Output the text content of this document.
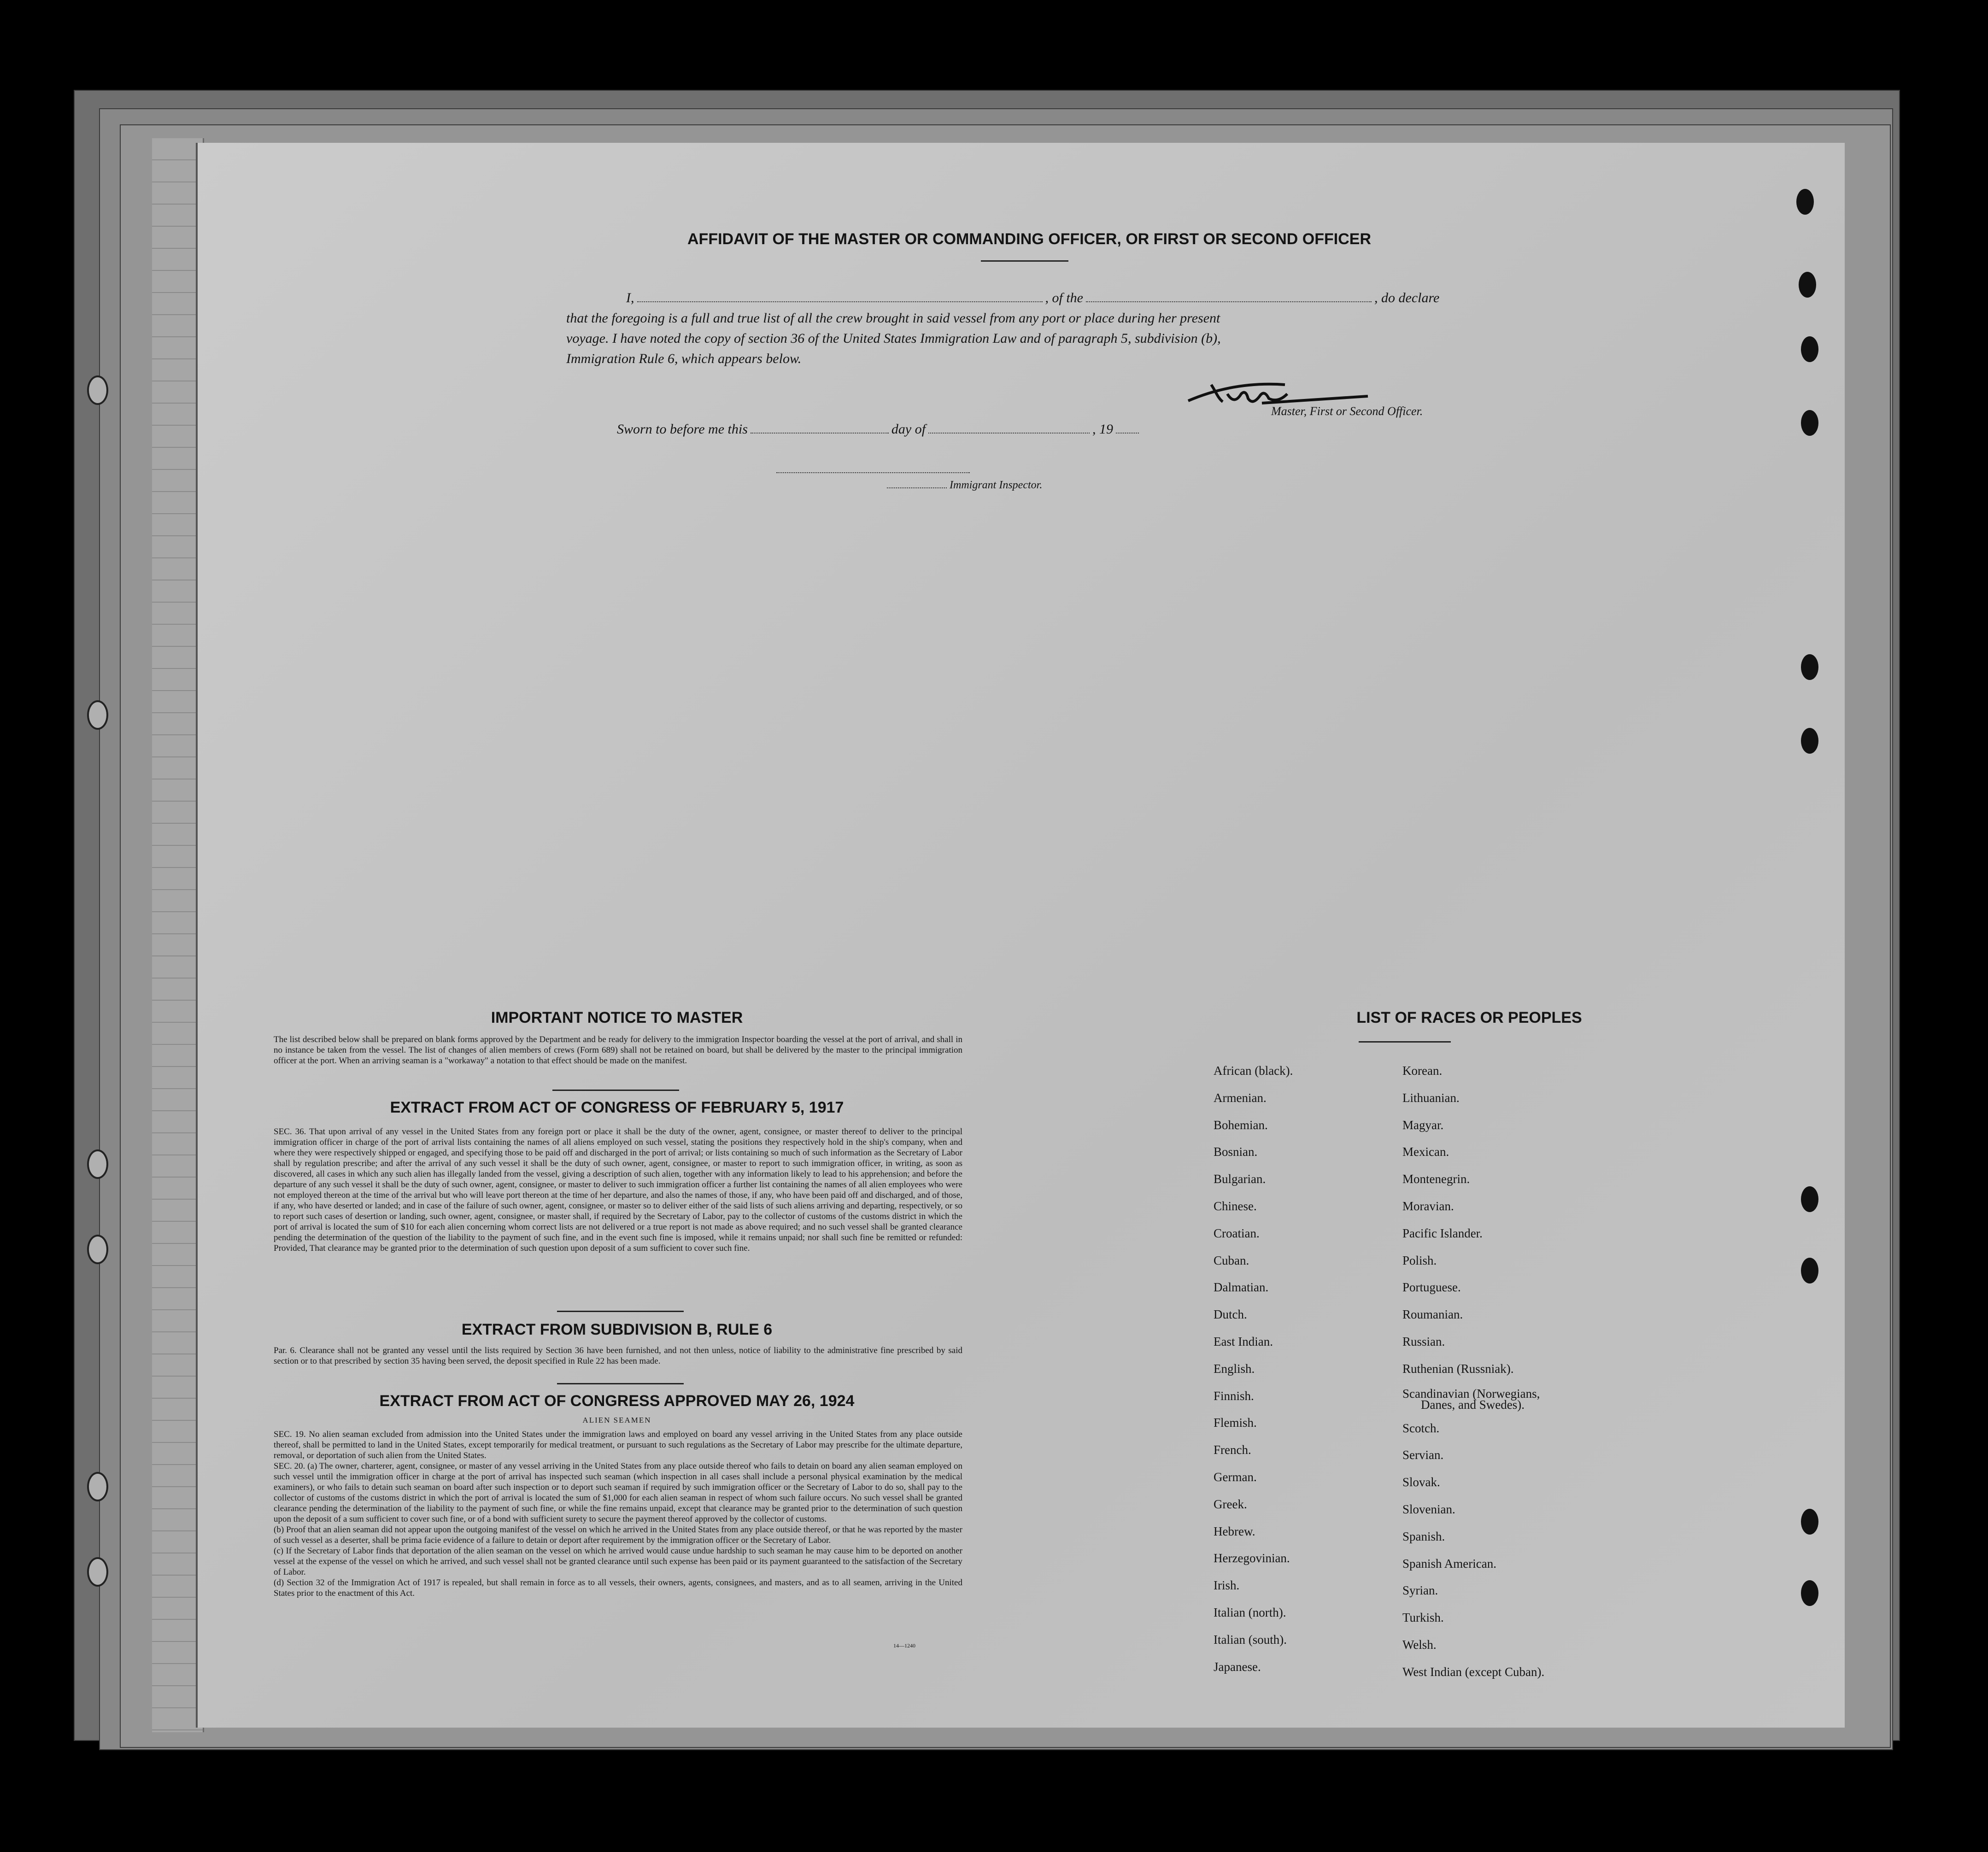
AFFIDAVIT OF THE MASTER OR COMMANDING OFFICER, OR FIRST OR SECOND OFFICER
I,	, of the	, do declare
that the foregoing is a full and true list of all the crew brought in said vessel from any port or place during her present
voyage. I have noted the copy of section 36 of the United States Immigration Law and of paragraph 5, subdivision (b),
Immigration Rule 6, which appears below.
Master, First or Second Officer.
Sworn to before me this	day of	, 19
Immigrant Inspector.
IMPORTANT NOTICE TO MASTER
The list described below shall be prepared on blank forms approved by the Department and be ready for delivery to the immigration Inspector boarding the vessel at the port of arrival, and shall in no instance be taken from the vessel. The list of changes of alien members of crews (Form 689) shall not be retained on board, but shall be delivered by the master to the principal immigration officer at the port. When an arriving seaman is a "workaway" a notation to that effect should be made on the manifest.
EXTRACT FROM ACT OF CONGRESS OF FEBRUARY 5, 1917
SEC. 36. That upon arrival of any vessel in the United States from any foreign port or place it shall be the duty of the owner, agent, consignee, or master thereof to deliver to the principal immigration officer in charge of the port of arrival lists containing the names of all aliens employed on such vessel, stating the positions they respectively hold in the ship's company, when and where they were respectively shipped or engaged, and specifying those to be paid off and discharged in the port of arrival; or lists containing so much of such information as the Secretary of Labor shall by regulation prescribe; and after the arrival of any such vessel it shall be the duty of such owner, agent, consignee, or master to report to such immigration officer, in writing, as soon as discovered, all cases in which any such alien has illegally landed from the vessel, giving a description of such alien, together with any information likely to lead to his apprehension; and before the departure of any such vessel it shall be the duty of such owner, agent, consignee, or master to deliver to such immigration officer a further list containing the names of all alien employees who were not employed thereon at the time of the arrival but who will leave port thereon at the time of her departure, and also the names of those, if any, who have been paid off and discharged, and of those, if any, who have deserted or landed; and in case of the failure of such owner, agent, consignee, or master so to deliver either of the said lists of such aliens arriving and departing, respectively, or so to report such cases of desertion or landing, such owner, agent, consignee, or master shall, if required by the Secretary of Labor, pay to the collector of customs of the customs district in which the port of arrival is located the sum of $10 for each alien concerning whom correct lists are not delivered or a true report is not made as above required; and no such vessel shall be granted clearance pending the determination of the question of the liability to the payment of such fine, and in the event such fine is imposed, while it remains unpaid; nor shall such fine be remitted or refunded: Provided, That clearance may be granted prior to the determination of such question upon deposit of a sum sufficient to cover such fine.
EXTRACT FROM SUBDIVISION B, RULE 6
Par. 6. Clearance shall not be granted any vessel until the lists required by Section 36 have been furnished, and not then unless, notice of liability to the administrative fine prescribed by said section or to that prescribed by section 35 having been served, the deposit specified in Rule 22 has been made.
EXTRACT FROM ACT OF CONGRESS APPROVED MAY 26, 1924
ALIEN SEAMEN
SEC. 19. No alien seaman excluded from admission into the United States under the immigration laws and employed on board any vessel arriving in the United States from any place outside thereof, shall be permitted to land in the United States, except temporarily for medical treatment, or pursuant to such regulations as the Secretary of Labor may prescribe for the ultimate departure, removal, or deportation of such alien from the United States.
SEC. 20. (a) The owner, charterer, agent, consignee, or master of any vessel arriving in the United States from any place outside thereof who fails to detain on board any alien seaman employed on such vessel until the immigration officer in charge at the port of arrival has inspected such seaman (which inspection in all cases shall include a personal physical examination by the medical examiners), or who fails to detain such seaman on board after such inspection or to deport such seaman if required by such immigration officer or the Secretary of Labor to do so, shall pay to the collector of customs of the customs district in which the port of arrival is located the sum of $1,000 for each alien seaman in respect of whom such failure occurs. No such vessel shall be granted clearance pending the determination of the liability to the payment of such fine, or while the fine remains unpaid, except that clearance may be granted prior to the determination of such question upon the deposit of a sum sufficient to cover such fine, or of a bond with sufficient surety to secure the payment thereof approved by the collector of customs.
(b) Proof that an alien seaman did not appear upon the outgoing manifest of the vessel on which he arrived in the United States from any place outside thereof, or that he was reported by the master of such vessel as a deserter, shall be prima facie evidence of a failure to detain or deport after requirement by the immigration officer or the Secretary of Labor.
(c) If the Secretary of Labor finds that deportation of the alien seaman on the vessel on which he arrived would cause undue hardship to such seaman he may cause him to be deported on another vessel at the expense of the vessel on which he arrived, and such vessel shall not be granted clearance until such expense has been paid or its payment guaranteed to the satisfaction of the Secretary of Labor.
(d) Section 32 of the Immigration Act of 1917 is repealed, but shall remain in force as to all vessels, their owners, agents, consignees, and masters, and as to all seamen, arriving in the United States prior to the enactment of this Act.
14—1240
LIST OF RACES OR PEOPLES
African (black).
Armenian.
Bohemian.
Bosnian.
Bulgarian.
Chinese.
Croatian.
Cuban.
Dalmatian.
Dutch.
East Indian.
English.
Finnish.
Flemish.
French.
German.
Greek.
Hebrew.
Herzegovinian.
Irish.
Italian (north).
Italian (south).
Japanese.
Korean.
Lithuanian.
Magyar.
Mexican.
Montenegrin.
Moravian.
Pacific Islander.
Polish.
Portuguese.
Roumanian.
Russian.
Ruthenian (Russniak).
Scandinavian (Norwegians,
Danes, and Swedes).
Scotch.
Servian.
Slovak.
Slovenian.
Spanish.
Spanish American.
Syrian.
Turkish.
Welsh.
West Indian (except Cuban).
